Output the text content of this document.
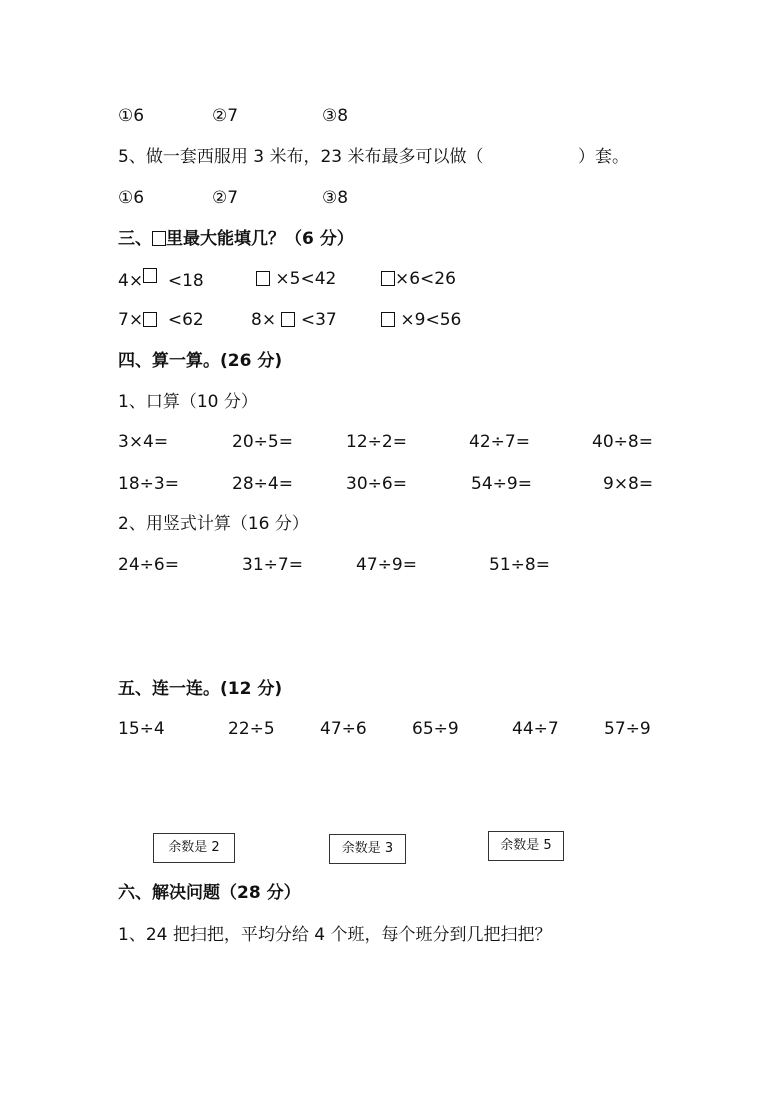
①6	②7	③8
5、做一套西服用 3 米布，23 米布最多可以做（	）套。
①6	②7	③8
三、 里最大能填几？（6 分）
4×  <18	×5<42	×6<26
7×  <62	8×  <37	×9<56
四、算一算。(26 分)
1、口算（10 分）
3×4=	20÷5=	12÷2=	42÷7=	40÷8=
18÷3=	28÷4=	30÷6=	54÷9=	9×8=
2、用竖式计算（16 分）
24÷6=	31÷7=	47÷9=	51÷8=
五、连一连。(12 分)
15÷4	22÷5	47÷6	65÷9	44÷7	57÷9
余数是 2	余数是 3	余数是 5
六、解决问题（28 分）
1、24 把扫把，平均分给 4 个班，每个班分到几把扫把？
